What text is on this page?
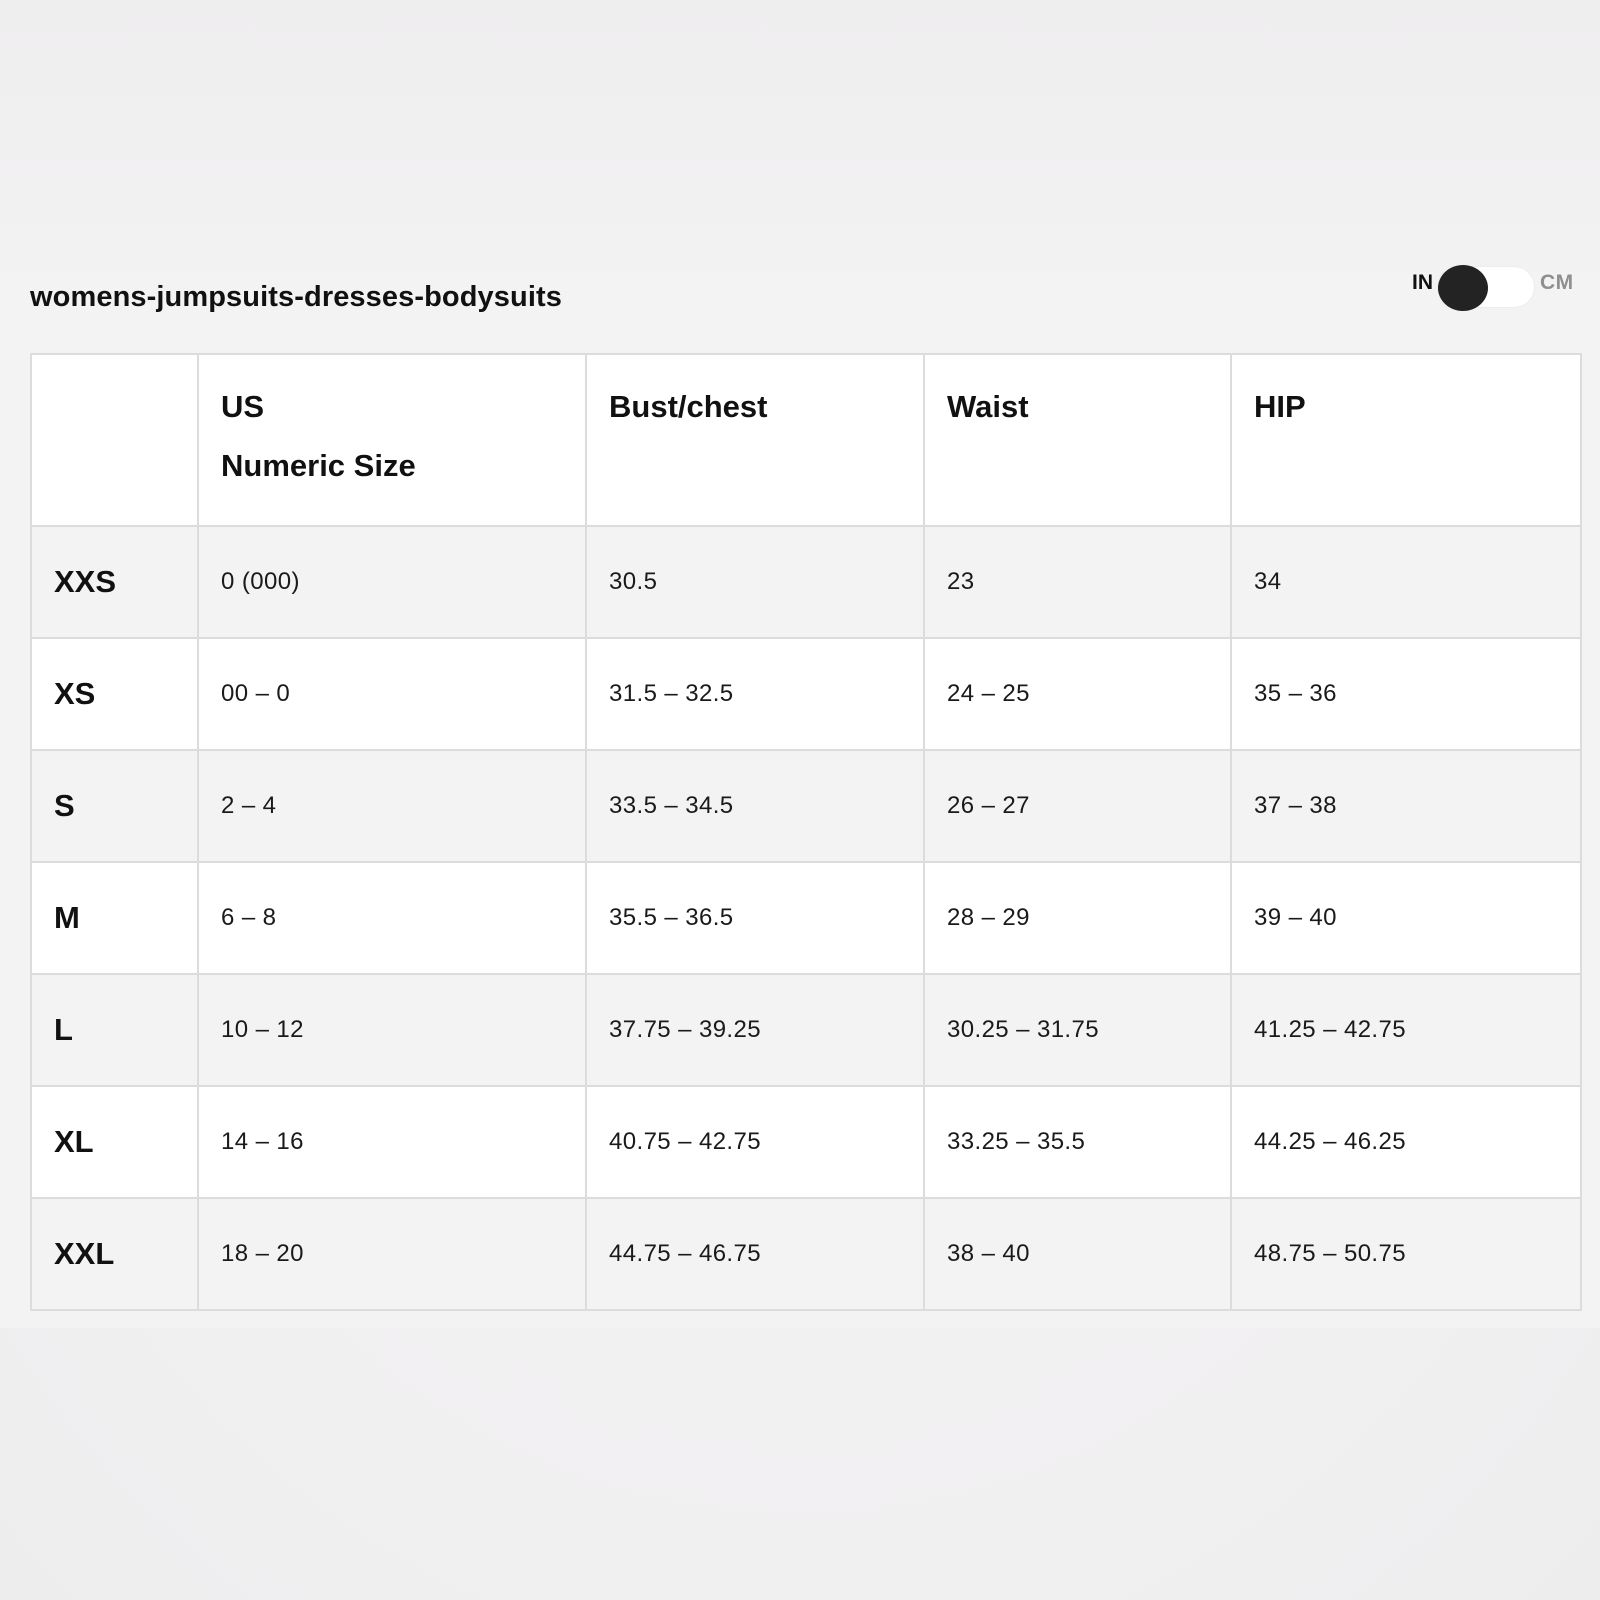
womens-jumpsuits-dresses-bodysuits	IN	CM

	US
Numeric Size	Bust/chest	Waist	HIP

XXS	0 (000)	30.5	23	34
XS	00 – 0	31.5 – 32.5	24 – 25	35 – 36
S	2 – 4	33.5 – 34.5	26 – 27	37 – 38
M	6 – 8	35.5 – 36.5	28 – 29	39 – 40
L	10 – 12	37.75 – 39.25	30.25 – 31.75	41.25 – 42.75
XL	14 – 16	40.75 – 42.75	33.25 – 35.5	44.25 – 46.25
XXL	18 – 20	44.75 – 46.75	38 – 40	48.75 – 50.75
